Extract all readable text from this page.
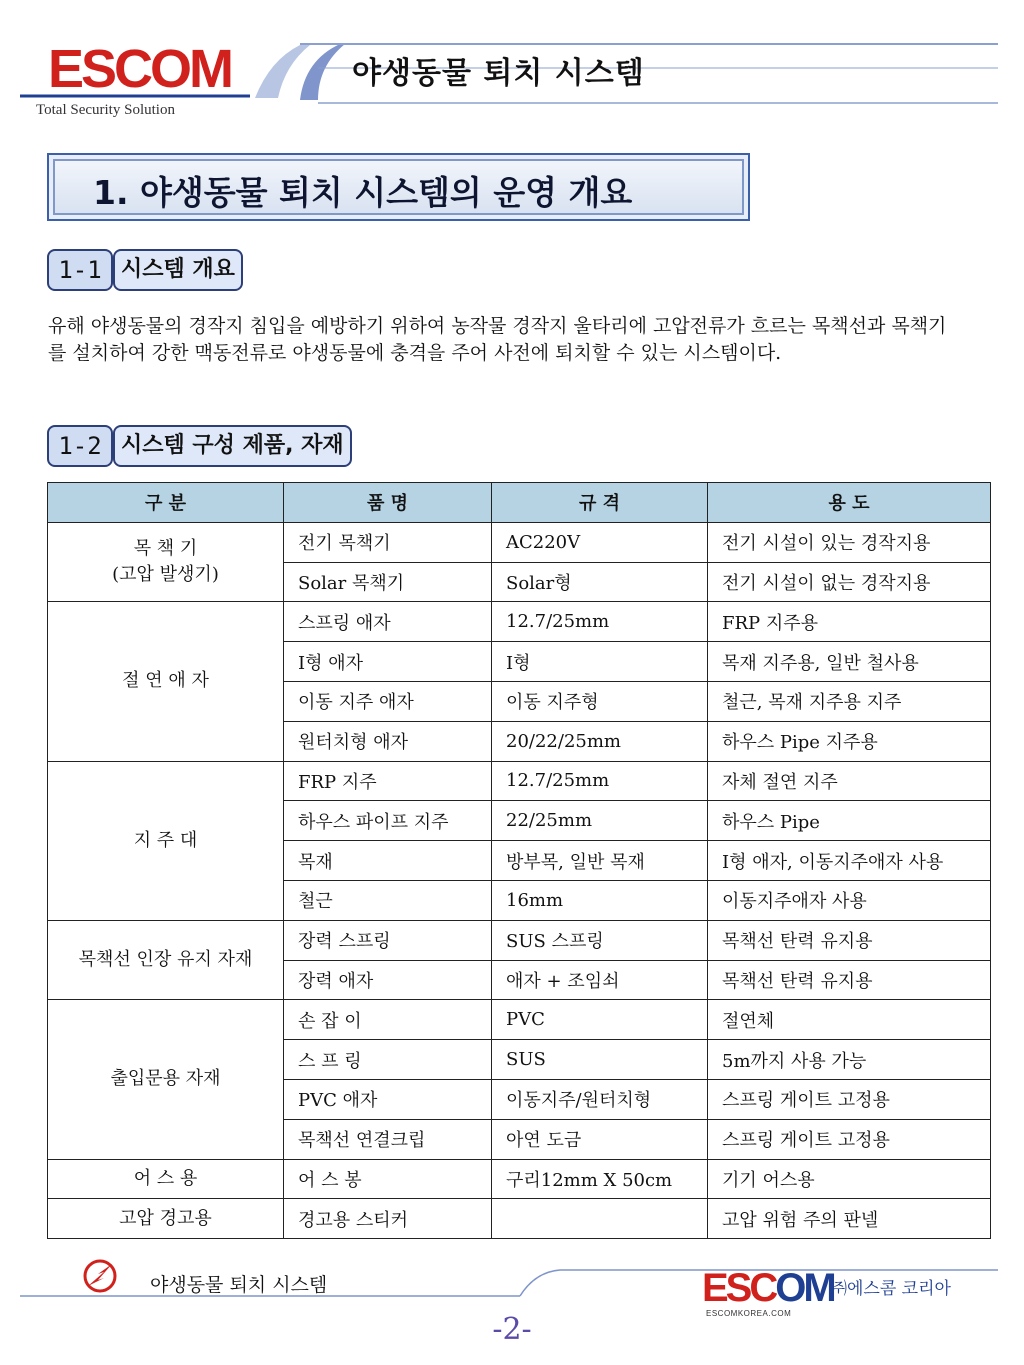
ESCOM
Total Security Solution
야생동물 퇴치 시스템
1. 야생동물 퇴치 시스템의 운영 개요
1-1 시스템 개요
유해 야생동물의 경작지 침입을 예방하기 위하여 농작물 경작지 울타리에 고압전류가 흐르는 목책선과 목책기를 설치하여 강한 맥동전류로 야생동물에 충격을 주어 사전에 퇴치할 수 있는 시스템이다.
1-2 시스템 구성 제품, 자재
구 분	품 명	규 격	용 도
목 책 기
(고압 발생기)	전기 목책기	AC220V	전기 시설이 있는 경작지용
	Solar 목책기	Solar형	전기 시설이 없는 경작지용
절 연 애 자	스프링 애자	12.7/25mm	FRP 지주용
	I형 애자	I형	목재 지주용, 일반 철사용
	이동 지주 애자	이동 지주형	철근, 목재 지주용 지주
	원터치형 애자	20/22/25mm	하우스 Pipe 지주용
지 주 대	FRP 지주	12.7/25mm	자체 절연 지주
	하우스 파이프 지주	22/25mm	하우스 Pipe
	목재	방부목, 일반 목재	I형 애자, 이동지주애자 사용
	철근	16mm	이동지주애자 사용
목책선 인장 유지 자재	장력 스프링	SUS 스프링	목책선 탄력 유지용
	장력 애자	애자 + 조임쇠	목책선 탄력 유지용
출입문용 자재	손 잡 이	PVC	절연체
	스 프 링	SUS	5m까지 사용 가능
	PVC 애자	이동지주/원터치형	스프링 게이트 고정용
	목책선 연결크립	아연 도금	스프링 게이트 고정용
어 스 용	어 스 봉	구리12mm X 50cm	기기 어스용
고압 경고용	경고용 스티커		고압 위험 주의 판넬
야생동물 퇴치 시스템	ESCOM
ESCOMKOREA.COM
㈜에스콤 코리아
-2-
